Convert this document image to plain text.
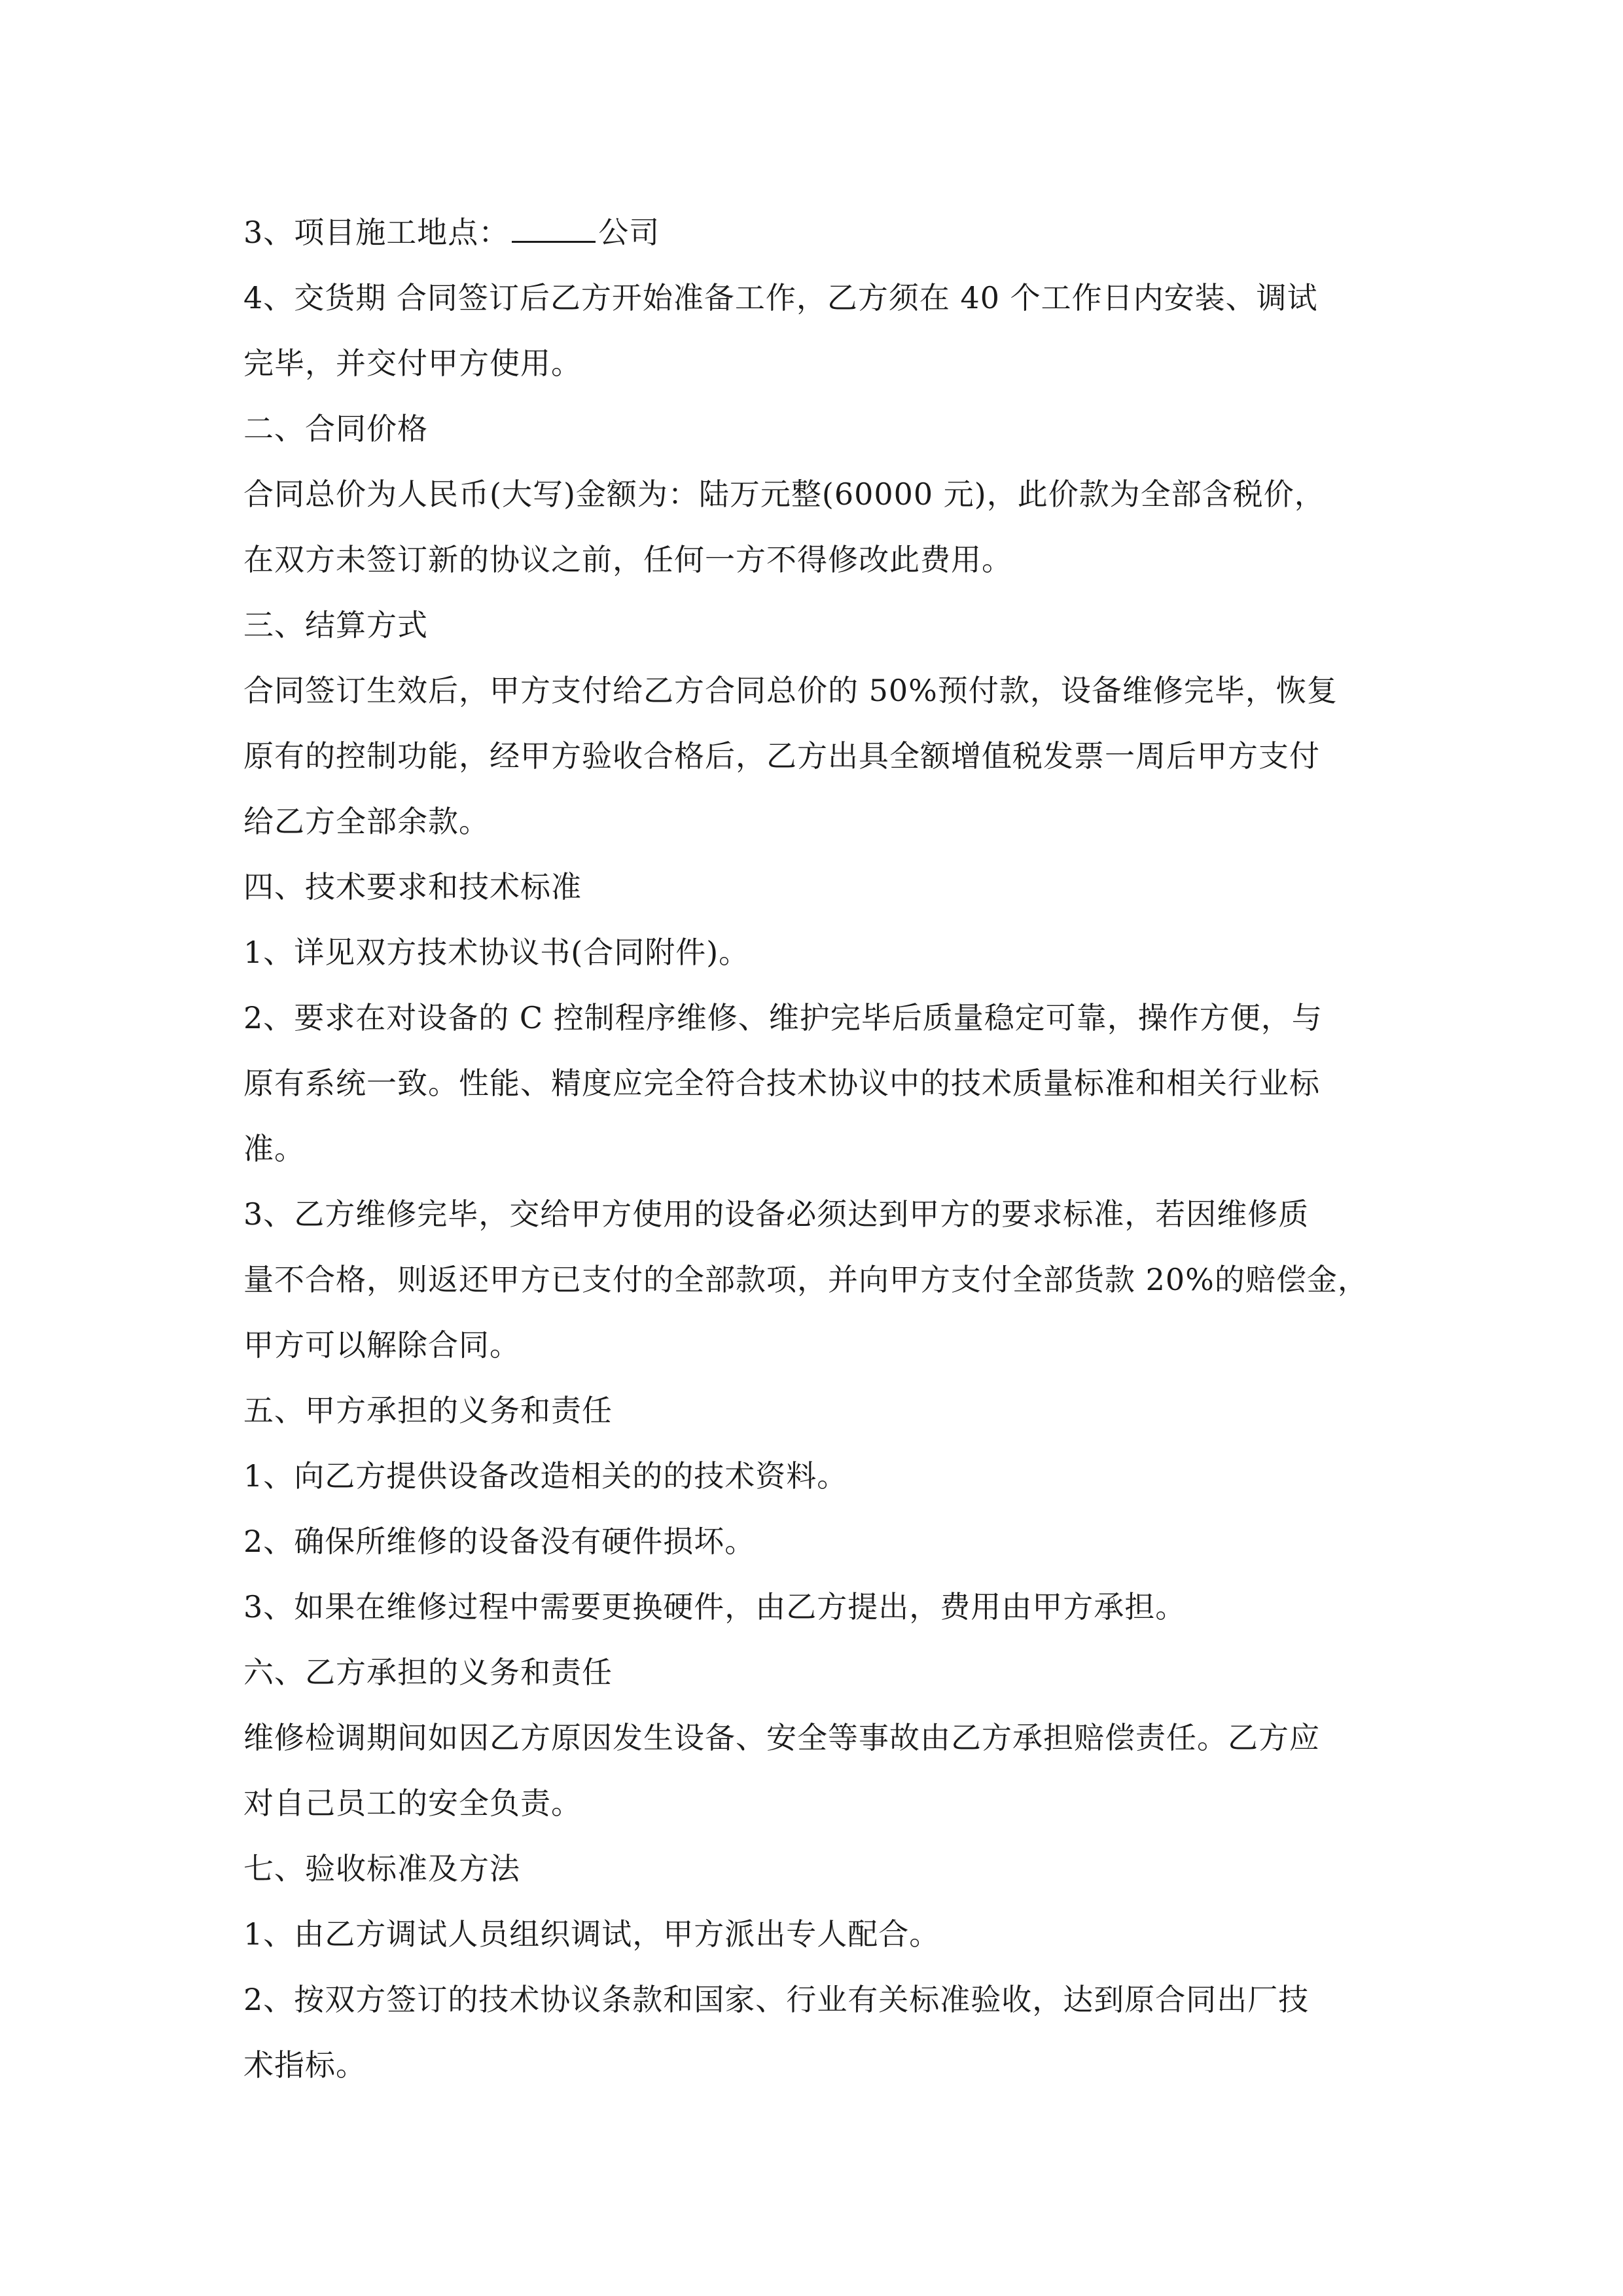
3、项目施工地点：	公司
4、交货期 合同签订后乙方开始准备工作，乙方须在 40 个工作日内安装、调试
完毕，并交付甲方使用。
二、合同价格
合同总价为人民币(大写)金额为：陆万元整(60000 元)，此价款为全部含税价，
在双方未签订新的协议之前，任何一方不得修改此费用。
三、结算方式
合同签订生效后，甲方支付给乙方合同总价的 50%预付款，设备维修完毕，恢复
原有的控制功能，经甲方验收合格后，乙方出具全额增值税发票一周后甲方支付
给乙方全部余款。
四、技术要求和技术标准
1、详见双方技术协议书(合同附件)。
2、要求在对设备的 C 控制程序维修、维护完毕后质量稳定可靠，操作方便，与
原有系统一致。性能、精度应完全符合技术协议中的技术质量标准和相关行业标
准。
3、乙方维修完毕，交给甲方使用的设备必须达到甲方的要求标准，若因维修质
量不合格，则返还甲方已支付的全部款项，并向甲方支付全部货款 20%的赔偿金，
甲方可以解除合同。
五、甲方承担的义务和责任
1、向乙方提供设备改造相关的的技术资料。
2、确保所维修的设备没有硬件损坏。
3、如果在维修过程中需要更换硬件，由乙方提出，费用由甲方承担。
六、乙方承担的义务和责任
维修检调期间如因乙方原因发生设备、安全等事故由乙方承担赔偿责任。乙方应
对自己员工的安全负责。
七、验收标准及方法
1、由乙方调试人员组织调试，甲方派出专人配合。
2、按双方签订的技术协议条款和国家、行业有关标准验收，达到原合同出厂技
术指标。
